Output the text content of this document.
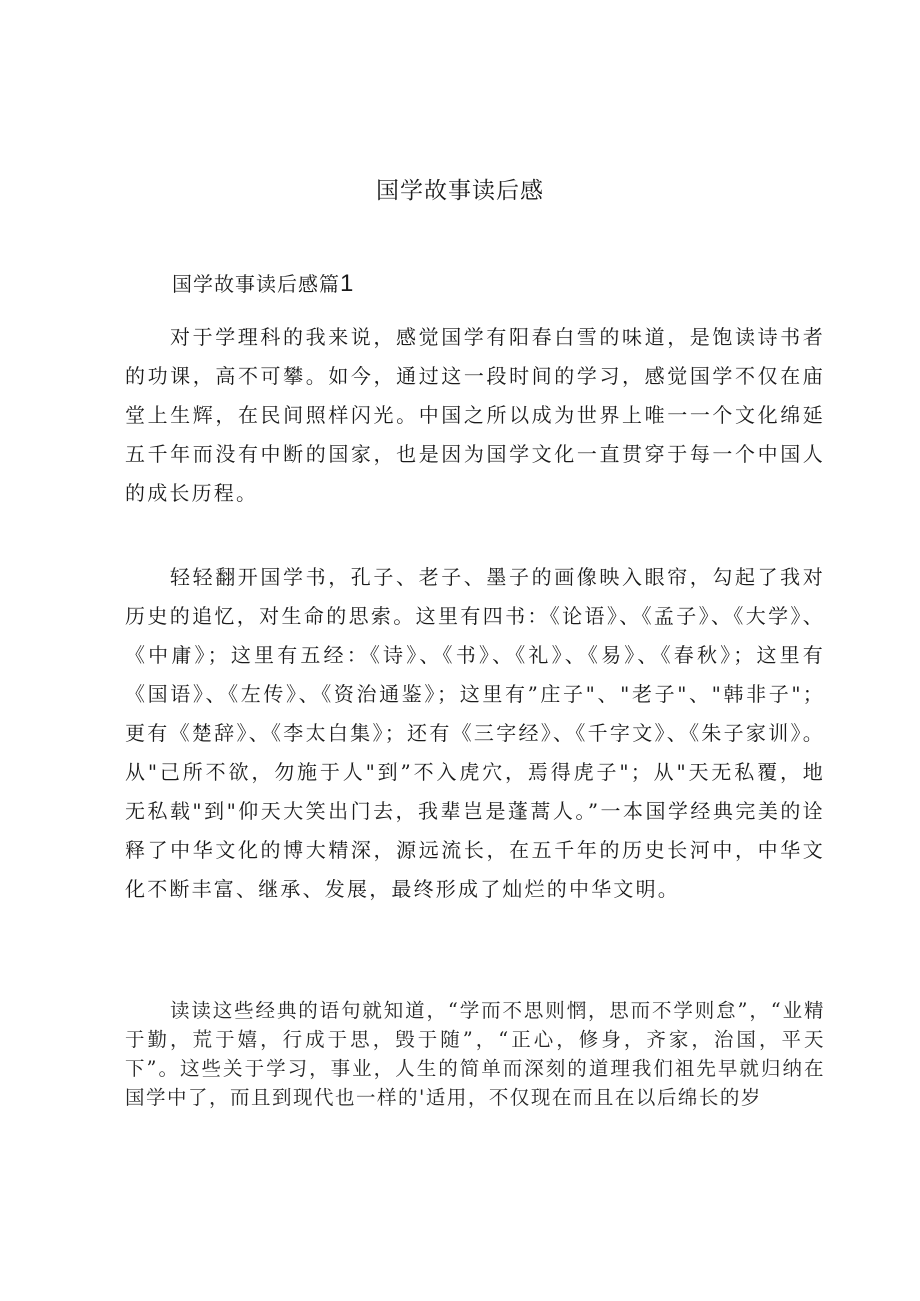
国学故事读后感
国学故事读后感篇1

对于学理科的我来说，感觉国学有阳春白雪的味道，是饱读诗书者的功课，高不可攀。如今，通过这一段时间的学习，感觉国学不仅在庙堂上生辉，在民间照样闪光。中国之所以成为世界上唯一一个文化绵延五千年而没有中断的国家，也是因为国学文化一直贯穿于每一个中国人的成长历程。

轻轻翻开国学书，孔子、老子、墨子的画像映入眼帘，勾起了我对历史的追忆，对生命的思索。这里有四书：《论语》、《孟子》、《大学》、《中庸》；这里有五经：《诗》、《书》、《礼》、《易》、《春秋》；这里有《国语》、《左传》、《资治通鉴》；这里有”庄子"、"老子"、"韩非子"；更有《楚辞》、《李太白集》；还有《三字经》、《千字文》、《朱子家训》。从"己所不欲，勿施于人"到”不入虎穴，焉得虎子"；从"天无私覆，地无私载"到"仰天大笑出门去，我辈岂是蓬蒿人。”一本国学经典完美的诠释了中华文化的博大精深，源远流长，在五千年的历史长河中，中华文化不断丰富、继承、发展，最终形成了灿烂的中华文明。

读读这些经典的语句就知道，“学而不思则惘，思而不学则怠”，“业精于勤，荒于嬉，行成于思，毁于随”，“正心，修身，齐家，治国，平天下”。这些关于学习，事业，人生的简单而深刻的道理我们祖先早就归纳在国学中了，而且到现代也一样的'适用，不仅现在而且在以后绵长的岁
